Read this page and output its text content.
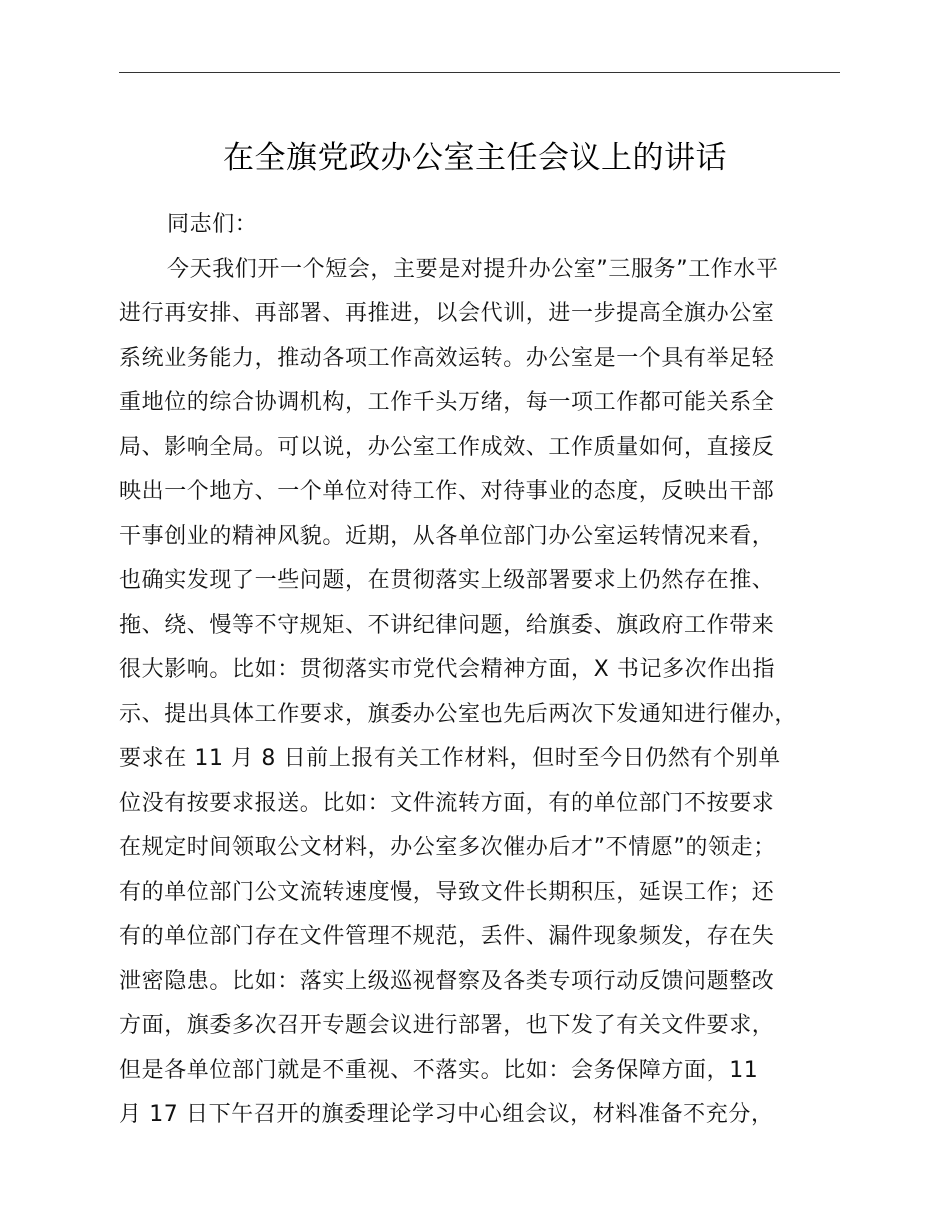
在全旗党政办公室主任会议上的讲话
同志们：
今天我们开一个短会，主要是对提升办公室”三服务”工作水平
进行再安排、再部署、再推进，以会代训，进一步提高全旗办公室
系统业务能力，推动各项工作高效运转。办公室是一个具有举足轻
重地位的综合协调机构，工作千头万绪，每一项工作都可能关系全
局、影响全局。可以说，办公室工作成效、工作质量如何，直接反
映出一个地方、一个单位对待工作、对待事业的态度，反映出干部
干事创业的精神风貌。近期，从各单位部门办公室运转情况来看，
也确实发现了一些问题，在贯彻落实上级部署要求上仍然存在推、
拖、绕、慢等不守规矩、不讲纪律问题，给旗委、旗政府工作带来
很大影响。比如：贯彻落实市党代会精神方面，X 书记多次作出指
示、提出具体工作要求，旗委办公室也先后两次下发通知进行催办，
要求在 11 月 8 日前上报有关工作材料，但时至今日仍然有个别单
位没有按要求报送。比如：文件流转方面，有的单位部门不按要求
在规定时间领取公文材料，办公室多次催办后才”不情愿”的领走；
有的单位部门公文流转速度慢，导致文件长期积压，延误工作；还
有的单位部门存在文件管理不规范，丢件、漏件现象频发，存在失
泄密隐患。比如：落实上级巡视督察及各类专项行动反馈问题整改
方面，旗委多次召开专题会议进行部署，也下发了有关文件要求，
但是各单位部门就是不重视、不落实。比如：会务保障方面，11
月 17 日下午召开的旗委理论学习中心组会议，材料准备不充分，
